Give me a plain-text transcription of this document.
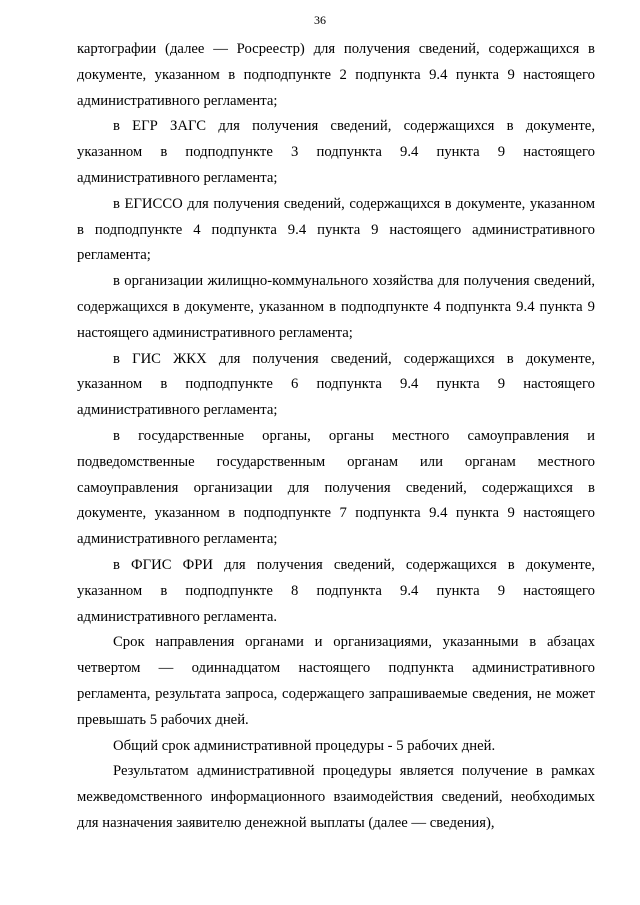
36

картографии (далее — Росреестр) для получения сведений, содержащихся в документе, указанном в подподпункте 2 подпункта 9.4 пункта 9 настоящего административного регламента;

в ЕГР ЗАГС для получения сведений, содержащихся в документе, указанном в подподпункте 3 подпункта 9.4 пункта 9 настоящего административного регламента;

в ЕГИССО для получения сведений, содержащихся в документе, указанном в подподпункте 4 подпункта 9.4 пункта 9 настоящего административного регламента;

в организации жилищно-коммунального хозяйства для получения сведений, содержащихся в документе, указанном в подподпункте 4 подпункта 9.4 пункта 9 настоящего административного регламента;

в ГИС ЖКХ для получения сведений, содержащихся в документе, указанном в подподпункте 6 подпункта 9.4 пункта 9 настоящего административного регламента;

в государственные органы, органы местного самоуправления и подведомственные государственным органам или органам местного самоуправления организации для получения сведений, содержащихся в документе, указанном в подподпункте 7 подпункта 9.4 пункта 9 настоящего административного регламента;

в ФГИС ФРИ для получения сведений, содержащихся в документе, указанном в подподпункте 8 подпункта 9.4 пункта 9 настоящего административного регламента.

Срок направления органами и организациями, указанными в абзацах четвертом — одиннадцатом настоящего подпункта административного регламента, результата запроса, содержащего запрашиваемые сведения, не может превышать 5 рабочих дней.

Общий срок административной процедуры - 5 рабочих дней.

Результатом административной процедуры является получение в рамках межведомственного информационного взаимодействия сведений, необходимых для назначения заявителю денежной выплаты (далее — сведения),
